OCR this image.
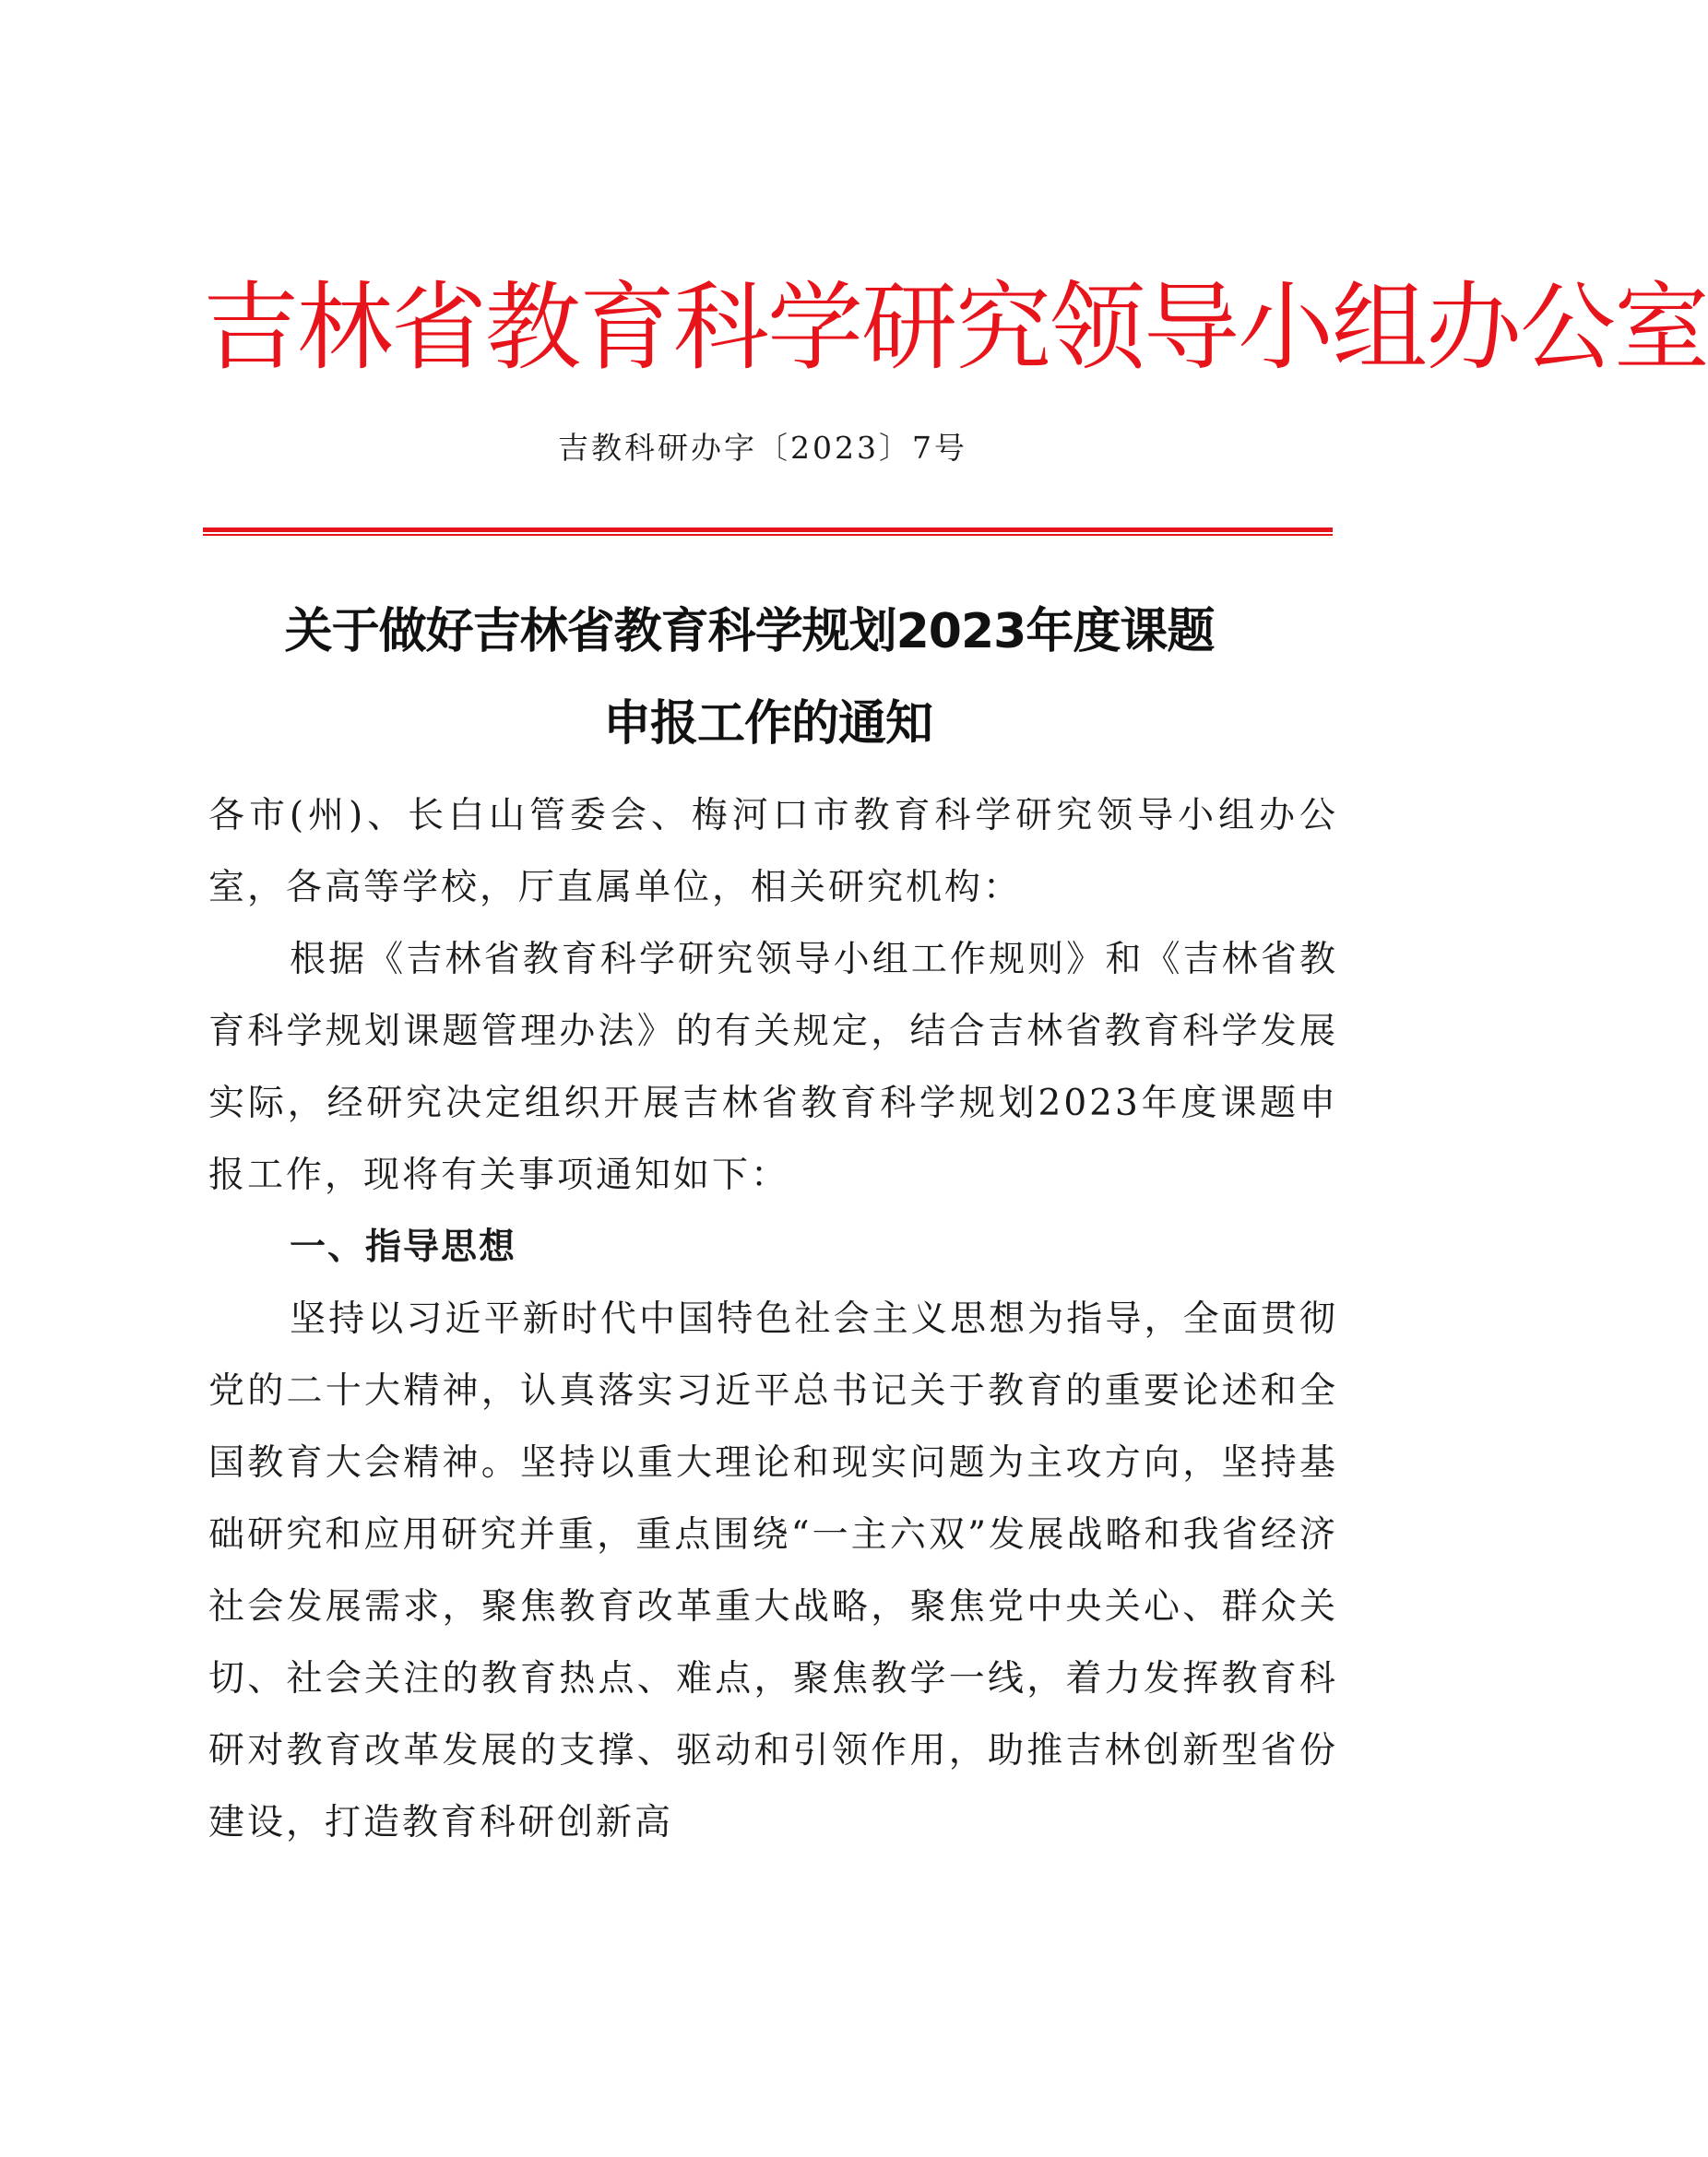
吉林省教育科学研究领导小组办公室
吉教科研办字〔2023〕7号
关于做好吉林省教育科学规划2023年度课题
申报工作的通知

各市(州)、长白山管委会、梅河口市教育科学研究领导小组办公室，各高等学校，厅直属单位，相关研究机构：

根据《吉林省教育科学研究领导小组工作规则》和《吉林省教育科学规划课题管理办法》的有关规定，结合吉林省教育科学发展实际，经研究决定组织开展吉林省教育科学规划2023年度课题申报工作，现将有关事项通知如下：

一、指导思想

坚持以习近平新时代中国特色社会主义思想为指导，全面贯彻党的二十大精神，认真落实习近平总书记关于教育的重要论述和全国教育大会精神。坚持以重大理论和现实问题为主攻方向，坚持基础研究和应用研究并重，重点围绕“一主六双”发展战略和我省经济社会发展需求，聚焦教育改革重大战略，聚焦党中央关心、群众关切、社会关注的教育热点、难点，聚焦教学一线，着力发挥教育科研对教育改革发展的支撑、驱动和引领作用，助推吉林创新型省份建设，打造教育科研创新高
